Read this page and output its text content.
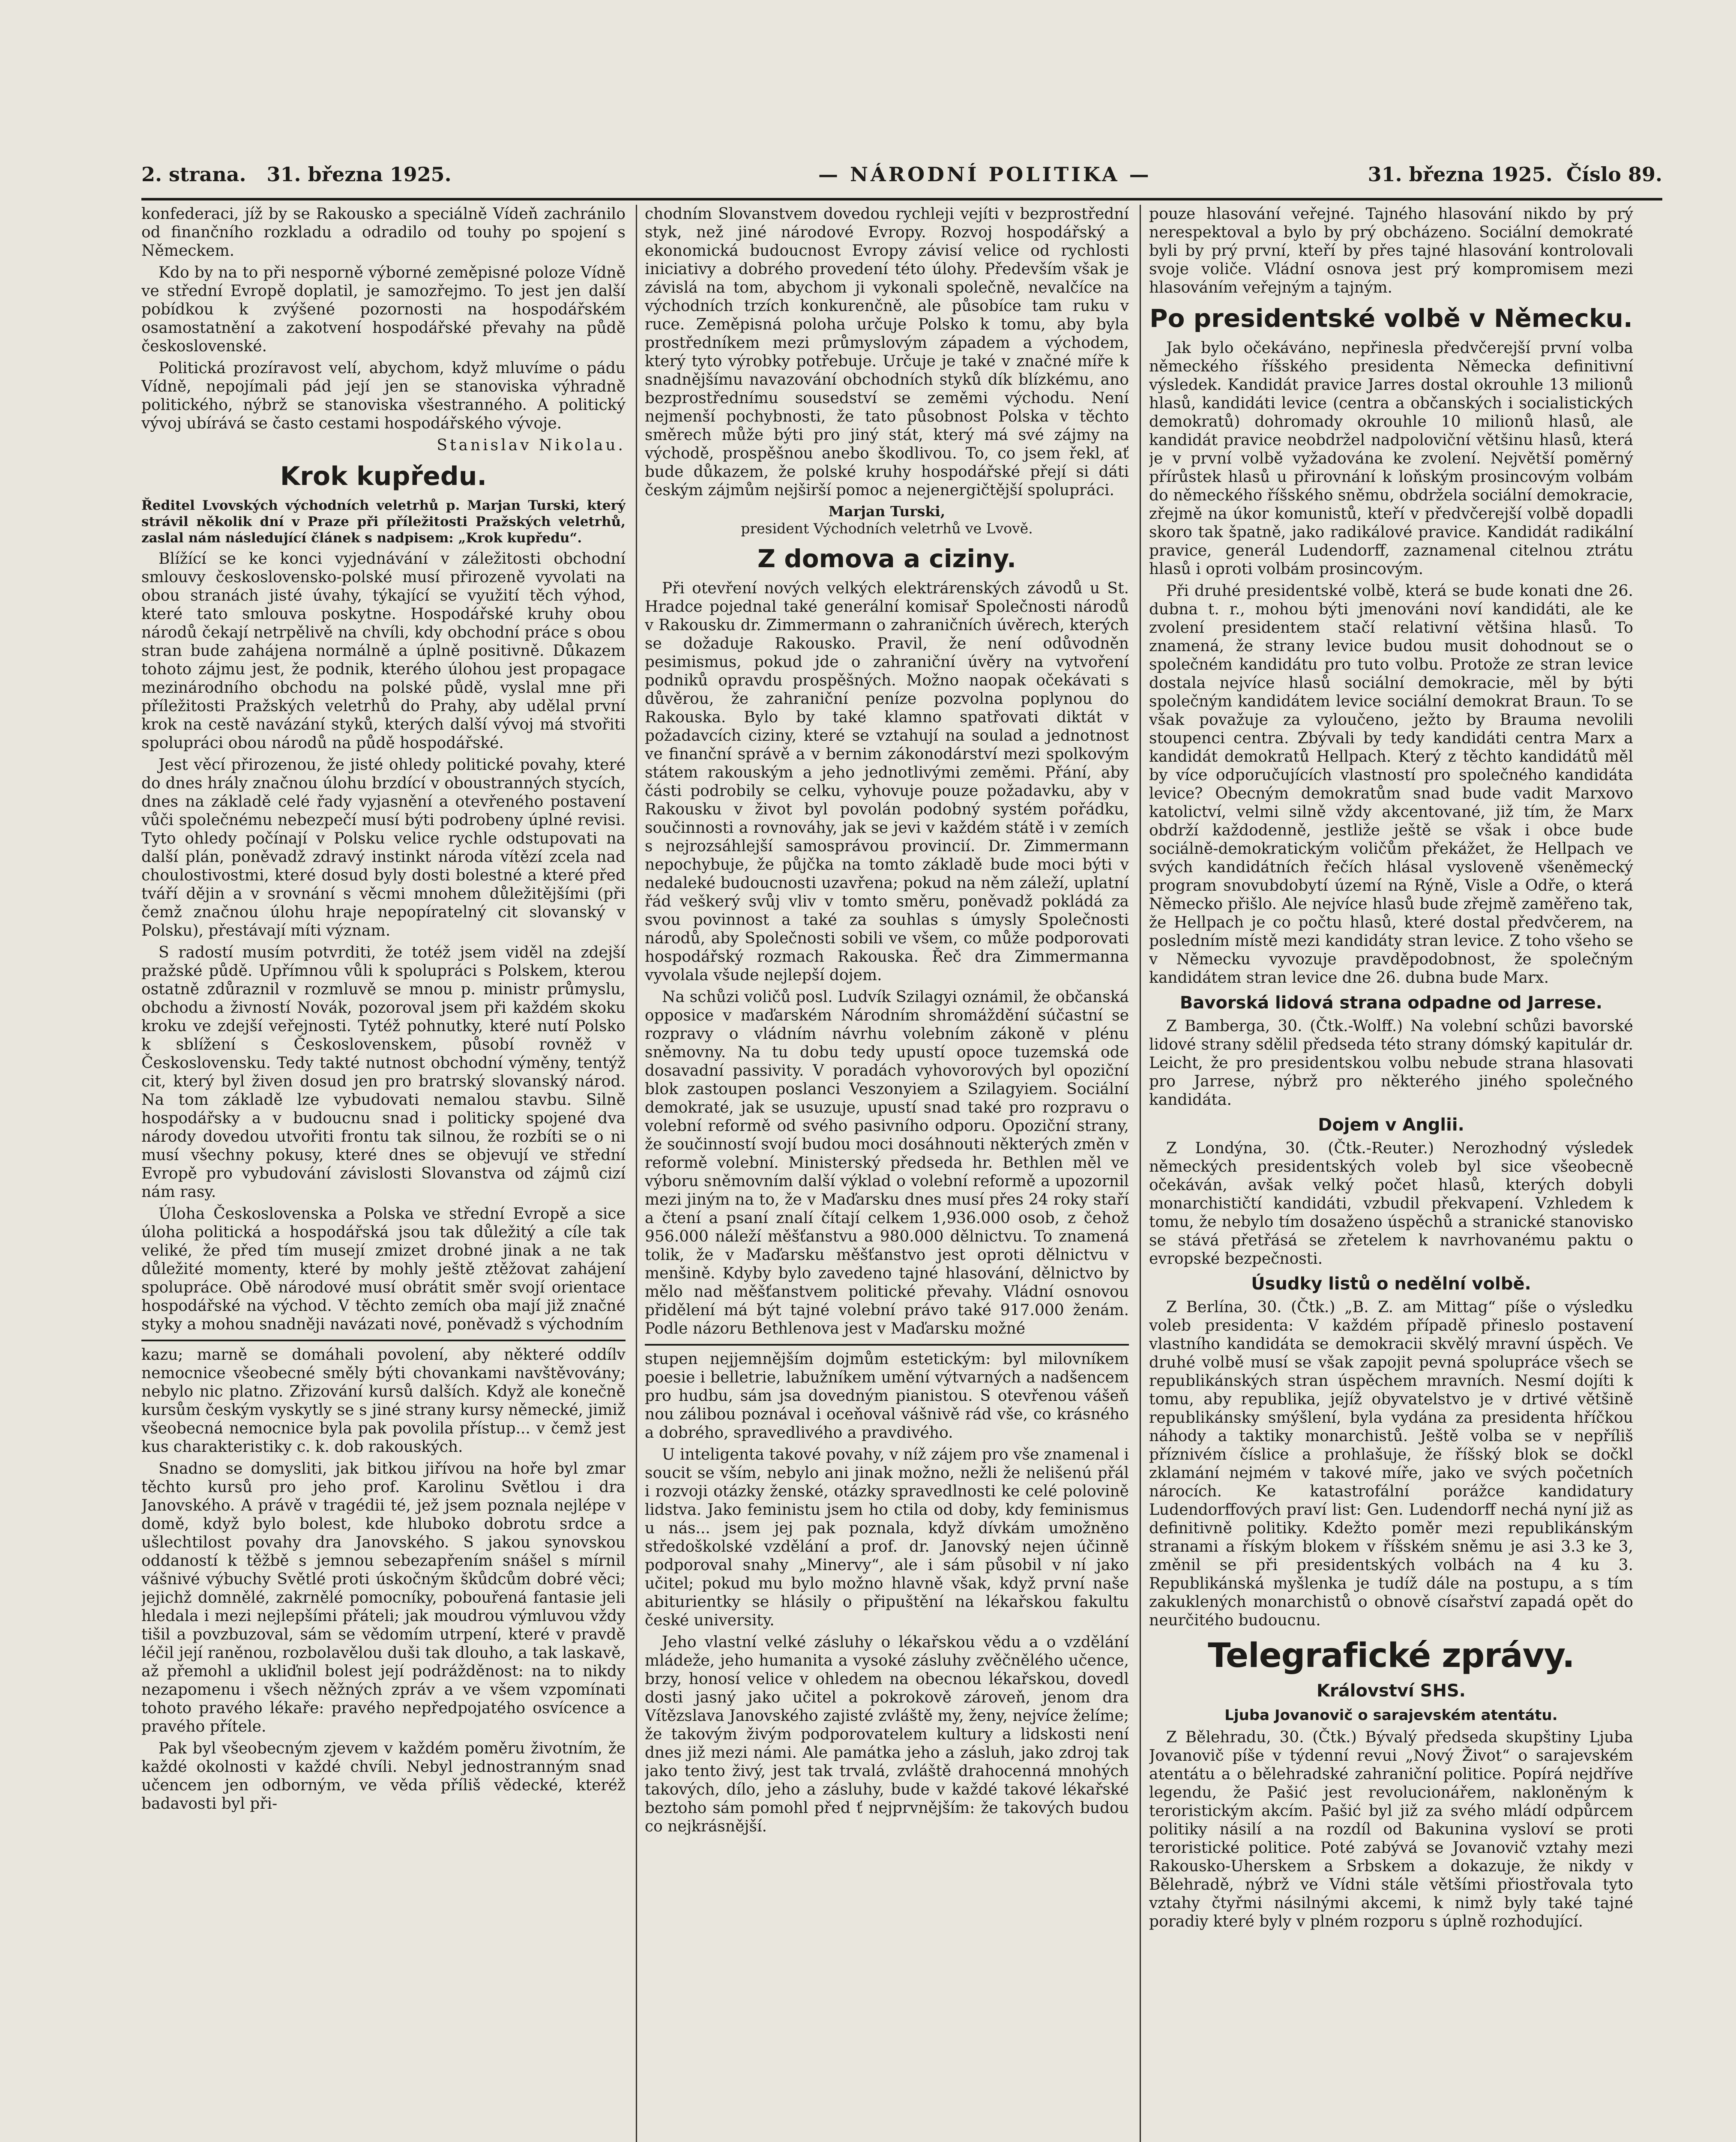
2. strana. 31. března 1925.	— NÁRODNÍ POLITIKA —	31. března 1925. Číslo 89.

konfederaci, jíž by se Rakousko a speciálně Vídeň zachránilo od finančního rozkladu a odradilo od touhy po spojení s Německem.

Kdo by na to při nesporně výborné zeměpisné poloze Vídně ve střední Evropě doplatil, je samozřejmo. To jest jen další pobídkou k zvýšené pozornosti na hospodářském osamostatnění a zakotvení hospodářské převahy na půdě československé.

Politická prozíravost velí, abychom, když mluvíme o pádu Vídně, nepojímali pád její jen se stanoviska výhradně politického, nýbrž se stanoviska všestranného. A politický vývoj ubírává se často cestami hospodářského vývoje.

Stanislav Nikolau.

Krok kupředu.

Ředitel Lvovských východních veletrhů p. Marjan Turski, který strávil několik dní v Praze při příležitosti Pražských veletrhů, zaslal nám následující článek s nadpisem: „Krok kupředu“.

Blížící se ke konci vyjednávání v záležitosti obchodní smlouvy československo-polské musí přirozeně vyvolati na obou stranách jisté úvahy, týkající se využití těch výhod, které tato smlouva poskytne. Hospodářské kruhy obou národů čekají netrpělivě na chvíli, kdy obchodní práce s obou stran bude zahájena normálně a úplně positivně. Důkazem tohoto zájmu jest, že podnik, kterého úlohou jest propagace mezinárodního obchodu na polské půdě, vyslal mne při příležitosti Pražských veletrhů do Prahy, aby udělal první krok na cestě navázání styků, kterých další vývoj má stvořiti spolupráci obou národů na půdě hospodářské.

Jest věcí přirozenou, že jisté ohledy politické povahy, které do dnes hrály značnou úlohu brzdící v oboustranných stycích, dnes na základě celé řady vyjasnění a otevřeného postavení vůči společnému nebezpečí musí býti podrobeny úplné revisi. Tyto ohledy počínají v Polsku velice rychle odstupovati na další plán, poněvadž zdravý instinkt národa vítězí zcela nad choulostivostmi, které dosud byly dosti bolestné a které před tváří dějin a v srovnání s věcmi mnohem důležitějšími (při čemž značnou úlohu hraje nepopíratelný cit slovanský v Polsku), přestávají míti význam.

S radostí musím potvrditi, že totéž jsem viděl na zdejší pražské půdě. Upřímnou vůli k spolupráci s Polskem, kterou ostatně zdůraznil v rozmluvě se mnou p. ministr průmyslu, obchodu a živností Novák, pozoroval jsem při každém skoku kroku ve zdejší veřejnosti. Tytéž pohnutky, které nutí Polsko k sblížení s Československem, působí rovněž v Československu. Tedy takté nutnost obchodní výměny, tentýž cit, který byl živen dosud jen pro bratrský slovanský národ. Na tom základě lze vybudovati nemalou stavbu. Silně hospodářsky a v budoucnu snad i politicky spojené dva národy dovedou utvořiti frontu tak silnou, že rozbíti se o ni musí všechny pokusy, které dnes se objevují ve střední Evropě pro vybudování závislosti Slovanstva od zájmů cizí nám rasy.

Úloha Československa a Polska ve střední Evropě a sice úloha politická a hospodářská jsou tak důležitý a cíle tak veliké, že před tím musejí zmizet drobné jinak a ne tak důležité momenty, které by mohly ještě ztěžovat zahájení spolupráce. Obě národové musí obrátit směr svojí orientace hospodářské na východ. V těchto zemích oba mají již značné styky a mohou snadněji navázati nové, poněvadž s východním

kazu; marně se domáhali povolení, aby některé oddílv nemocnice všeobecné směly býti chovankami navštěvovány; nebylo nic platno. Zřizování kursů dalších. Když ale konečně kursům českým vyskytly se s jiné strany kursy německé, jimiž všeobecná nemocnice byla pak povolila přístup... v čemž jest kus charakteristiky c. k. dob rakouských.

Snadno se domysliti, jak bitkou jiřívou na hoře byl zmar těchto kursů pro jeho prof. Karolinu Světlou i dra Janovského. A právě v tragédii té, jež jsem poznala nejlépe v domě, když bylo bolest, kde hluboko dobrotu srdce a ušlechtilost povahy dra Janovského. S jakou synovskou oddaností k těžbě s jemnou sebezapřením snášel s mírnil vášnivé výbuchy Světlé proti úskočným škůdcům dobré věci; jejichž domnělé, zakrnělé pomocníky, pobouřená fantasie jeli hledala i mezi nejlepšími přáteli; jak moudrou výmluvou vždy tišil a povzbuzoval, sám se vědomím utrpení, které v pravdě léčil její raněnou, rozbolavělou duši tak dlouho, a tak laskavě, až přemohl a ukliďnil bolest její podrážděnost: na to nikdy nezapomenu i všech něžných zpráv a ve všem vzpomínati tohoto pravého lékaře: pravého nepředpojatého osvícence a pravého přítele.

Pak byl všeobecným zjevem v každém poměru životním, že každé okolnosti v každé chvíli. Nebyl jednostranným snad učencem jen odborným, ve věda příliš vědecké, kteréž badavosti byl při-

chodním Slovanstvem dovedou rychleji vejíti v bezprostřední styk, než jiné národové Evropy. Rozvoj hospodářský a ekonomická budoucnost Evropy závisí velice od rychlosti iniciativy a dobrého provedení této úlohy. Především však je závislá na tom, abychom ji vykonali společně, nevalčíce na východních trzích konkurenčně, ale působíce tam ruku v ruce. Zeměpisná poloha určuje Polsko k tomu, aby byla prostředníkem mezi průmyslovým západem a východem, který tyto výrobky potřebuje. Určuje je také v značné míře k snadnějšímu navazování obchodních styků dík blízkému, ano bezprostřednímu sousedství se zeměmi východu. Není nejmenší pochybnosti, že tato působnost Polska v těchto směrech může býti pro jiný stát, který má své zájmy na východě, prospěšnou anebo škodlivou. To, co jsem řekl, ať bude důkazem, že polské kruhy hospodářské přejí si dáti českým zájmům nejširší pomoc a nejenergičtější spolupráci.

Marjan Turski,
president Východních veletrhů ve Lvově.

Z domova a ciziny.

Při otevření nových velkých elektrárenských závodů u St. Hradce pojednal také generální komisař Společnosti národů v Rakousku dr. Zimmermann o zahraničních úvěrech, kterých se dožaduje Rakousko. Pravil, že není odůvodněn pesimismus, pokud jde o zahraniční úvěry na vytvoření podniků opravdu prospěšných. Možno naopak očekávati s důvěrou, že zahraniční peníze pozvolna poplynou do Rakouska. Bylo by také klamno spatřovati diktát v požadavcích ciziny, které se vztahují na soulad a jednotnost ve finanční správě a v bernim zákonodárství mezi spolkovým státem rakouským a jeho jednotlivými zeměmi. Přání, aby části podrobily se celku, vyhovuje pouze požadavku, aby v Rakousku v život byl povolán podobný systém pořádku, součinnosti a rovnováhy, jak se jevi v každém státě i v zemích s nejrozsáhlejší samosprávou provincií. Dr. Zimmermann nepochybuje, že půjčka na tomto základě bude moci býti v nedaleké budoucnosti uzavřena; pokud na něm záleží, uplatní řád veškerý svůj vliv v tomto směru, poněvadž pokládá za svou povinnost a také za souhlas s úmysly Společnosti národů, aby Společnosti sobili ve všem, co může podporovati hospodářský rozmach Rakouska. Řeč dra Zimmermanna vyvolala všude nejlepší dojem.

Na schůzi voličů posl. Ludvík Szilagyi oznámil, že občanská opposice v maďarském Národním shromáždění súčastní se rozpravy o vládním návrhu volebním zákoně v plénu sněmovny. Na tu dobu tedy upustí opoce tuzemská ode dosavadní passivity. V poradách vyhovorových byl opoziční blok zastoupen poslanci Veszonyiem a Szilagyiem. Sociální demokraté, jak se usuzuje, upustí snad také pro rozpravu o volební reformě od svého pasivního odporu. Opoziční strany, že součinností svojí budou moci dosáhnouti některých změn v reformě volební. Ministerský předseda hr. Bethlen měl ve výboru sněmovním další výklad o volební reformě a upozornil mezi jiným na to, že v Maďarsku dnes musí přes 24 roky staří a čtení a psaní znalí čítají celkem 1,936.000 osob, z čehož 956.000 náleží měšťanstvu a 980.000 dělnictvu. To znamená tolik, že v Maďarsku měšťanstvo jest oproti dělnictvu v menšině. Kdyby bylo zavedeno tajné hlasování, dělnictvo by mělo nad měšťanstvem politické převahy. Vládní osnovou přidělení má být tajné volební právo také 917.000 ženám. Podle názoru Bethlenova jest v Maďarsku možné

stupen nejjemnějším dojmům estetickým: byl milovníkem poesie i belletrie, labužníkem umění výtvarných a nadšencem pro hudbu, sám jsa dovedným pianistou. S otevřenou vášeň nou zálibou poznával i oceňoval vášnivě rád vše, co krásného a dobrého, spravedlivého a pravdivého.

U inteligenta takové povahy, v níž zájem pro vše znamenal i soucit se vším, nebylo ani jinak možno, nežli že nelišenú přál i rozvoji otázky ženské, otázky spravedlnosti ke celé polovině lidstva. Jako feministu jsem ho ctila od doby, kdy feminismus u nás... jsem jej pak poznala, když dívkám umožněno středoškolské vzdělání a prof. dr. Janovský nejen účinně podporoval snahy „Minervy“, ale i sám působil v ní jako učitel; pokud mu bylo možno hlavně však, když první naše abiturientky se hlásily o připuštění na lékařskou fakultu české university.

Jeho vlastní velké zásluhy o lékařskou vědu a o vzdělání mládeže, jeho humanita a vysoké zásluhy zvěčnělého učence, brzy, honosí velice v ohledem na obecnou lékařskou, dovedl dosti jasný jako učitel a pokrokově zároveň, jenom dra Vítězslava Janovského zajisté zvláště my, ženy, nejvíce želíme; že takovým živým podporovatelem kultury a lidskosti není dnes již mezi námi. Ale památka jeho a zásluh, jako zdroj tak jako tento živý, jest tak trvalá, zvláště drahocenná mnohých takových, dílo, jeho a zásluhy, bude v každé takové lékařské beztoho sám pomohl před ť nejprvnějším: že takových budou co nejkrásnější.

pouze hlasování veřejné. Tajného hlasování nikdo by prý nerespektoval a bylo by prý obcházeno. Sociální demokraté byli by prý první, kteří by přes tajné hlasování kontrolovali svoje voliče. Vládní osnova jest prý kompromisem mezi hlasováním veřejným a tajným.

Po presidentské volbě v Německu.

Jak bylo očekáváno, nepřinesla předvčerejší první volba německého říšského presidenta Německa definitivní výsledek. Kandidát pravice Jarres dostal okrouhle 13 milionů hlasů, kandidáti levice (centra a občanských i socialistických demokratů) dohromady okrouhle 10 milionů hlasů, ale kandidát pravice neobdržel nadpoloviční většinu hlasů, která je v první volbě vyžadována ke zvolení. Největší poměrný přírůstek hlasů u přirovnání k loňským prosincovým volbám do německého říšského sněmu, obdržela sociální demokracie, zřejmě na úkor komunistů, kteří v předvčerejší volbě dopadli skoro tak špatně, jako radikálové pravice. Kandidát radikální pravice, generál Ludendorff, zaznamenal citelnou ztrátu hlasů i oproti volbám prosincovým.

Při druhé presidentské volbě, která se bude konati dne 26. dubna t. r., mohou býti jmenováni noví kandidáti, ale ke zvolení presidentem stačí relativní většina hlasů. To znamená, že strany levice budou musit dohodnout se o společném kandidátu pro tuto volbu. Protože ze stran levice dostala nejvíce hlasů sociální demokracie, měl by býti společným kandidátem levice sociální demokrat Braun. To se však považuje za vyloučeno, ježto by Brauma nevolili stoupenci centra. Zbývali by tedy kandidáti centra Marx a kandidát demokratů Hellpach. Který z těchto kandidátů měl by více odporučujících vlastností pro společného kandidáta levice? Obecným demokratům snad bude vadit Marxovo katolictví, velmi silně vždy akcentované, již tím, že Marx obdrží každodenně, jestliže ještě se však i obce bude sociálně-demokratickým voličům překážet, že Hellpach ve svých kandidátních řečích hlásal vysloveně všeněmecký program snovubdobytí území na Rýně, Visle a Odře, o která Německo přišlo. Ale nejvíce hlasů bude zřejmě zaměřeno tak, že Hellpach je co počtu hlasů, které dostal předvčerem, na posledním místě mezi kandidáty stran levice. Z toho všeho se v Německu vyvozuje pravděpodobnost, že společným kandidátem stran levice dne 26. dubna bude Marx.

Bavorská lidová strana odpadne od Jarrese.

Z Bamberga, 30. (Čtk.-Wolff.) Na volební schůzi bavorské lidové strany sdělil předseda této strany dómský kapitulár dr. Leicht, že pro presidentskou volbu nebude strana hlasovati pro Jarrese, nýbrž pro některého jiného společného kandidáta.

Dojem v Anglii.

Z Londýna, 30. (Čtk.-Reuter.) Nerozhodný výsledek německých presidentských voleb byl sice všeobecně očekáván, avšak velký počet hlasů, kterých dobyli monarchističtí kandidáti, vzbudil překvapení. Vzhledem k tomu, že nebylo tím dosaženo úspěchů a stranické stanovisko se stává přetřásá se zřetelem k navrhovanému paktu o evropské bezpečnosti.

Úsudky listů o nedělní volbě.

Z Berlína, 30. (Čtk.) „B. Z. am Mittag“ píše o výsledku voleb presidenta: V každém případě přineslo postavení vlastního kandidáta se demokracii skvělý mravní úspěch. Ve druhé volbě musí se však zapojit pevná spolupráce všech se republikánských stran úspěchem mravních. Nesmí dojíti k tomu, aby republika, jejíž obyvatelstvo je v drtivé většině republikánsky smýšlení, byla vydána za presidenta hříčkou náhody a taktiky monarchistů. Ještě volba se v nepříliš příznivém číslice a prohlašuje, že říšský blok se dočkl zklamání nejmém v takové míře, jako ve svých početních nárocích. Ke katastrofální porážce kandidatury Ludendorffových praví list: Gen. Ludendorff nechá nyní již as definitivně politiky. Kdežto poměr mezi republikánským stranami a říským blokem v říšském sněmu je asi 3.3 ke 3, změnil se při presidentských volbách na 4 ku 3. Republikánská myšlenka je tudíž dále na postupu, a s tím zakuklených monarchistů o obnově císařství zapadá opět do neurčitého budoucnu.

Telegrafické zprávy.
Království SHS.
Ljuba Jovanovič o sarajevském atentátu.

Z Bělehradu, 30. (Čtk.) Bývalý předseda skupštiny Ljuba Jovanovič píše v týdenní revui „Nový Život“ o sarajevském atentátu a o bělehradské zahraniční politice. Popírá nejdříve legendu, že Pašić jest revolucionářem, nakloněným k teroristickým akcím. Pašić byl již za svého mládí odpůrcem politiky násilí a na rozdíl od Bakunina vysloví se proti teroristické politice. Poté zabývá se Jovanovič vztahy mezi Rakousko-Uherskem a Srbskem a dokazuje, že nikdy v Bělehradě, nýbrž ve Vídni stále většími přiostřovala tyto vztahy čtyřmi násilnými akcemi, k nimž byly také tajné poradiy které byly v plném rozporu s úplně rozhodující.
